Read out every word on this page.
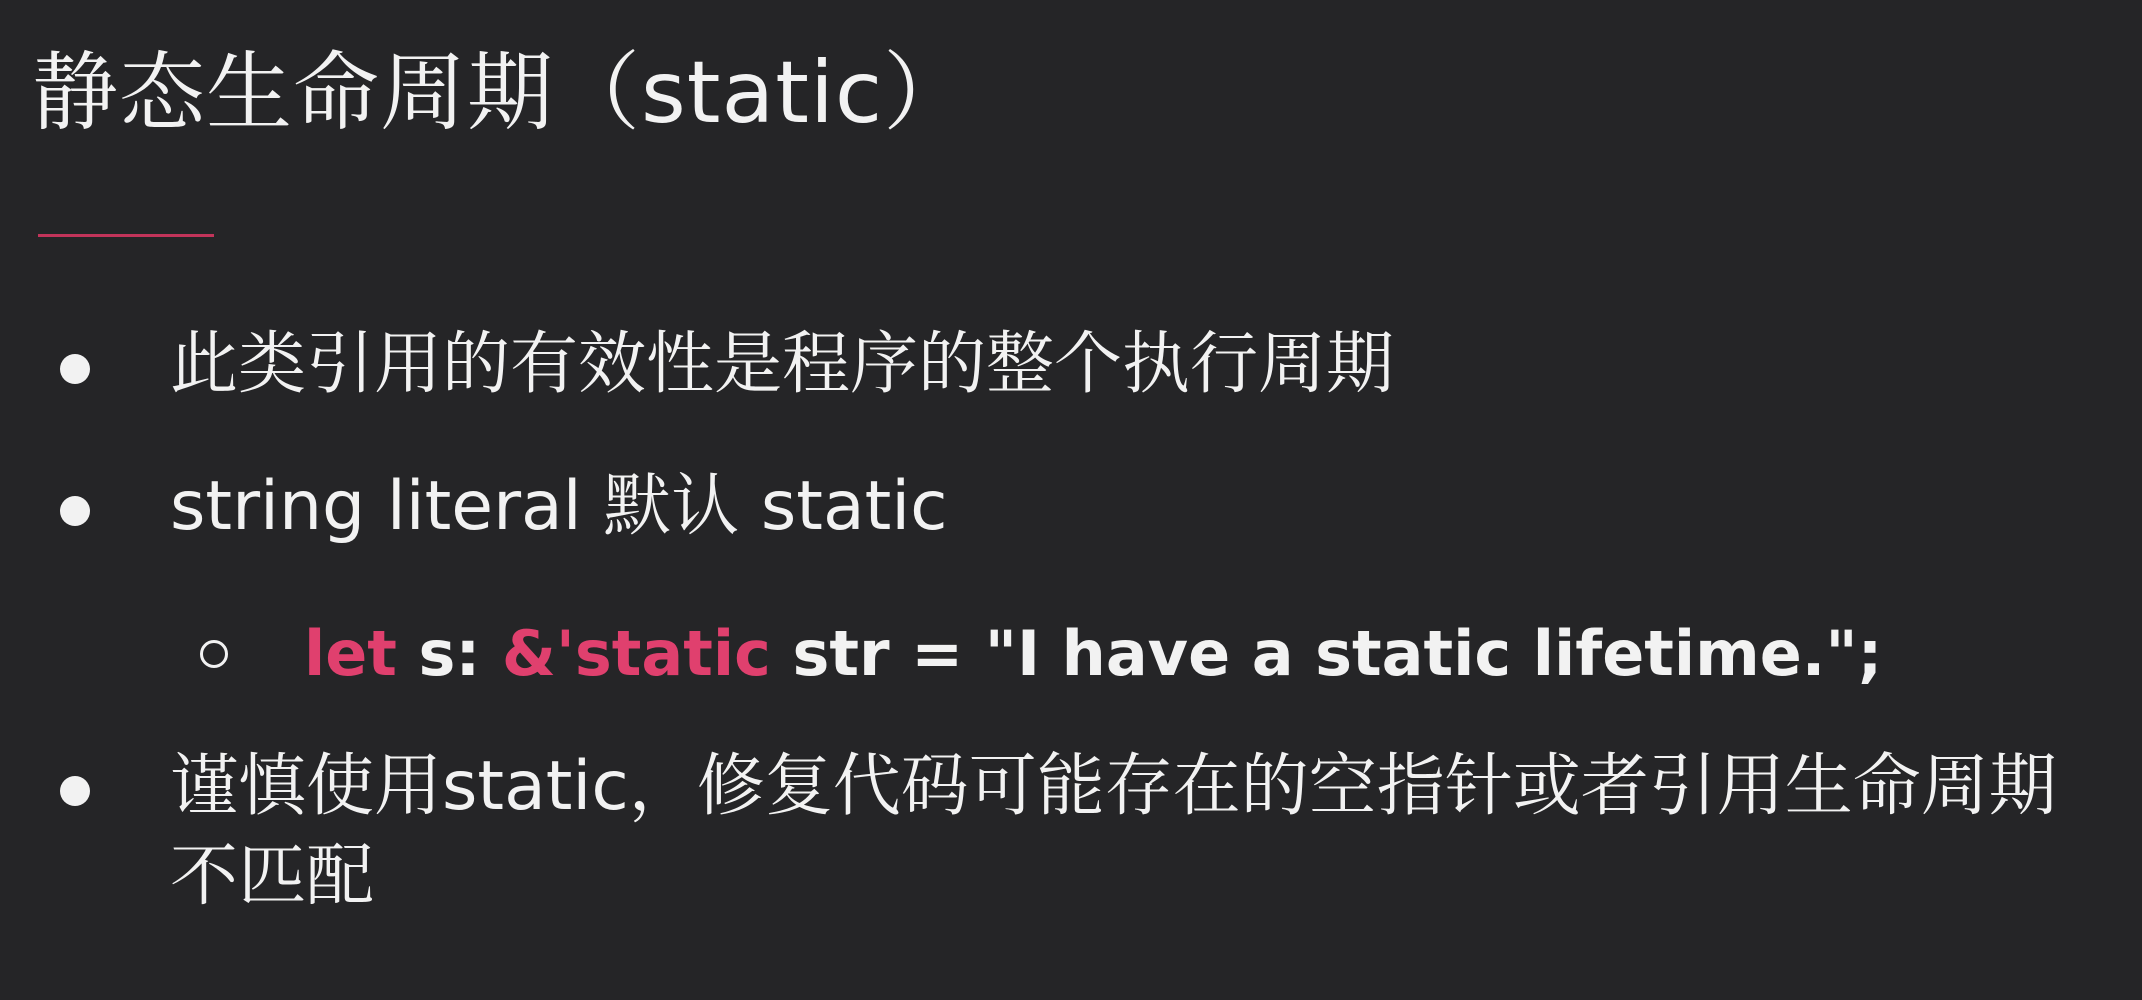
静态生命周期（static）
此类引用的有效性是程序的整个执行周期
string literal 默认 static
let s: &'static str = "I have a static lifetime.";
谨慎使用static，修复代码可能存在的空指针或者引用生命周期不匹配
